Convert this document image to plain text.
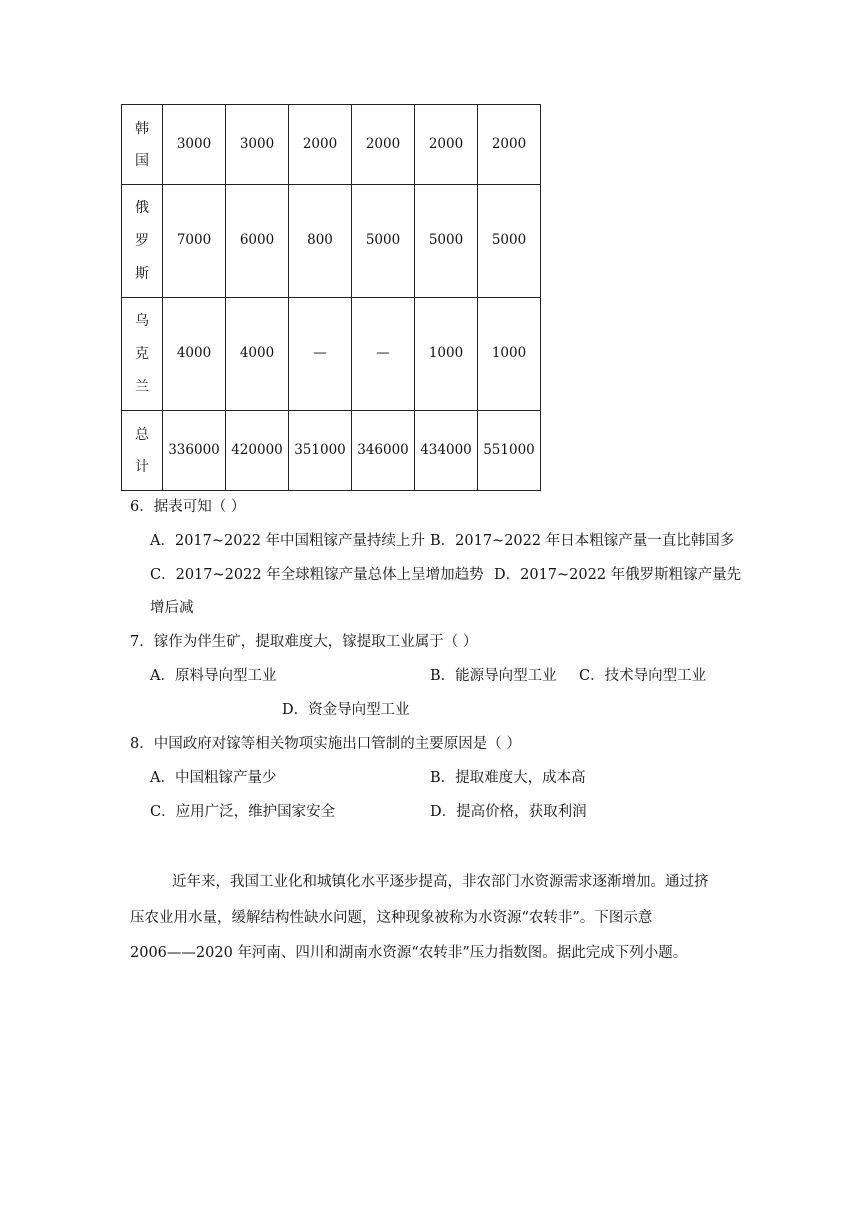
韩
国	3000	3000	2000	2000	2000	2000

俄
罗
斯	7000	6000	800	5000	5000	5000

乌
克
兰	4000	4000	—	—	1000	1000

总
计	336000	420000	351000	346000	434000	551000
6．据表可知（ ）
A．2017~2022 年中国粗镓产量持续上升 B．2017~2022 年日本粗镓产量一直比韩国多
C．2017~2022 年全球粗镓产量总体上呈增加趋势 D．2017~2022 年俄罗斯粗镓产量先
增后减
7．镓作为伴生矿，提取难度大，镓提取工业属于（ ）
A．原料导向型工业	B．能源导向型工业 C．技术导向型工业
D．资金导向型工业
8．中国政府对镓等相关物项实施出口管制的主要原因是（ ）
A．中国粗镓产量少	B．提取难度大，成本高
C．应用广泛，维护国家安全	D．提高价格，获取利润
近年来，我国工业化和城镇化水平逐步提高，非农部门水资源需求逐渐增加。通过挤
压农业用水量，缓解结构性缺水问题，这种现象被称为水资源“农转非”。下图示意
2006——2020 年河南、四川和湖南水资源“农转非”压力指数图。据此完成下列小题。
